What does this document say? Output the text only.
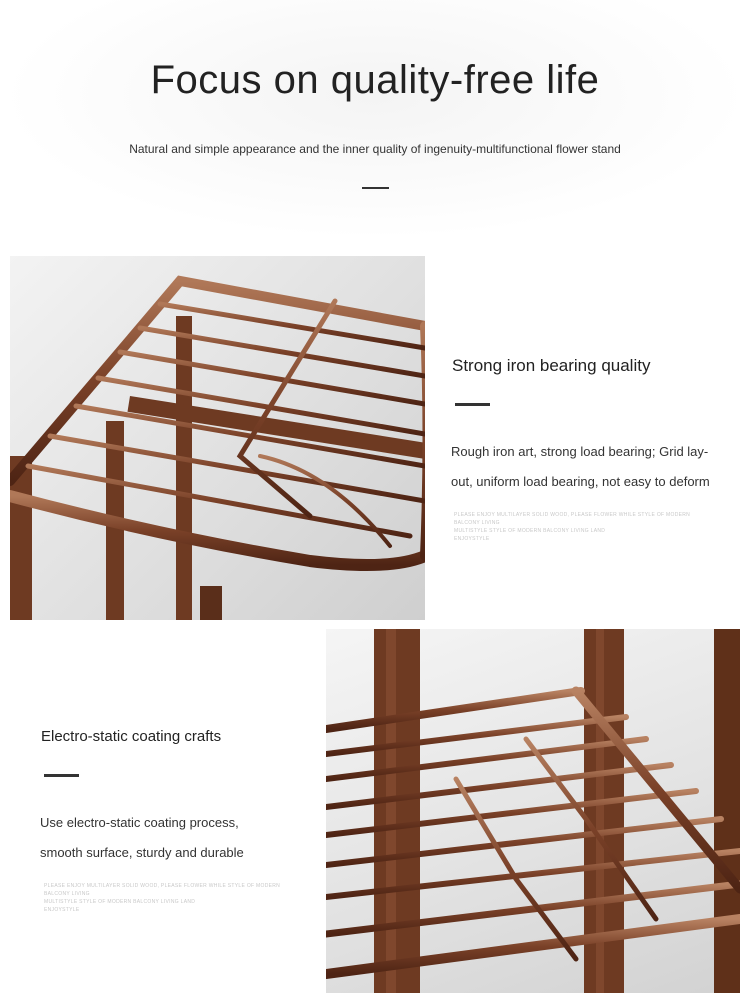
Focus on quality-free life
Natural and simple appearance and the inner quality of ingenuity-multifunctional flower stand
Strong iron bearing quality
Rough iron art, strong load bearing; Grid lay-
out, uniform load bearing, not easy to deform
PLEASE ENJOY MULTILAYER SOLID WOOD, PLEASE FLOWER WHILE STYLE OF MODERN BALCONY LIVING
MULTISTYLE STYLE OF MODERN BALCONY LIVING LAND
ENJOYSTYLE
Electro-static coating crafts
Use electro-static coating process,
smooth surface, sturdy and durable
PLEASE ENJOY MULTILAYER SOLID WOOD, PLEASE FLOWER WHILE STYLE OF MODERN BALCONY LIVING
MULTISTYLE STYLE OF MODERN BALCONY LIVING LAND
ENJOYSTYLE
